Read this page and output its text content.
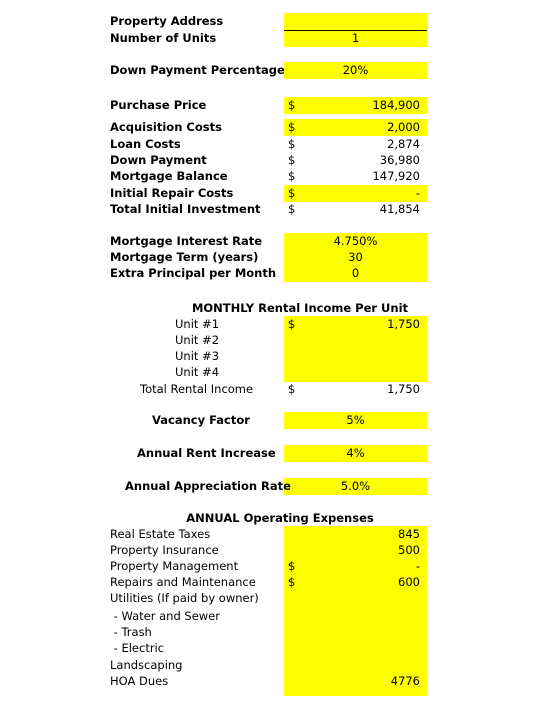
Property Address
Number of Units	1
Down Payment Percentage	20%
Purchase Price	$	184,900
Acquisition Costs	$	2,000
Loan Costs	$	2,874
Down Payment	$	36,980
Mortgage Balance	$	147,920
Initial Repair Costs	$	-
Total Initial Investment $	41,854
Mortgage Interest Rate	4.750%
Mortgage Term (years)	30
Extra Principal per Month	0
MONTHLY Rental Income Per Unit
Unit #1	$	1,750
Unit #2
Unit #3
Unit #4
Total Rental Income	$	1,750
Vacancy Factor	5%
Annual Rent Increase	4%
Annual Appreciation Rate	5.0%
ANNUAL Operating Expenses
Real Estate Taxes	845
Property Insurance	500
Property Management	$	-
Repairs and Maintenance	$	600
Utilities (If paid by owner)
- Water and Sewer
- Trash
- Electric
Landscaping
HOA Dues	4776
